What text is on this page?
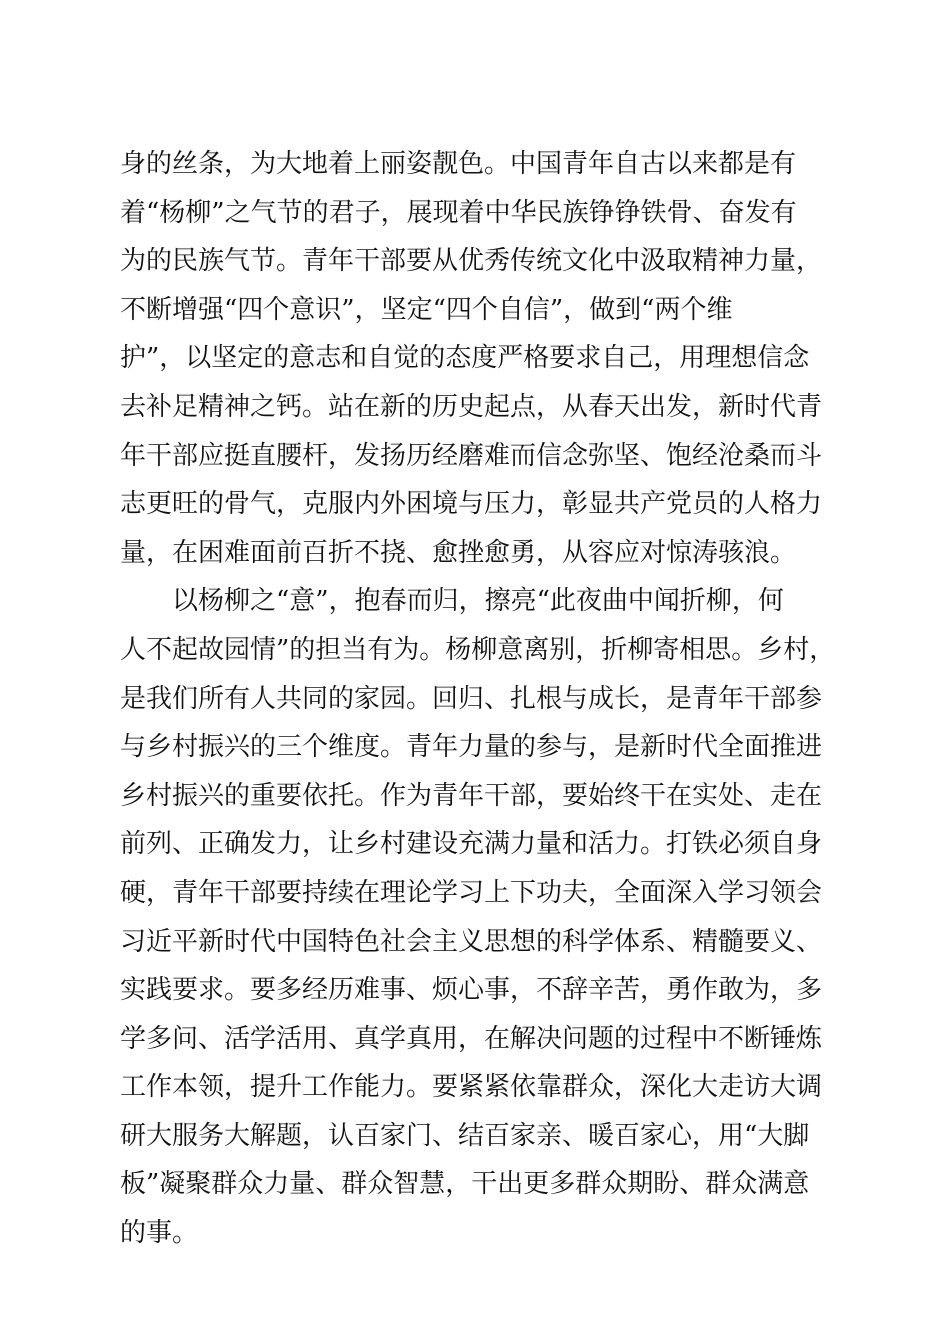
身的丝条，为大地着上丽姿靓色。中国青年自古以来都是有
着“杨柳”之气节的君子，展现着中华民族铮铮铁骨、奋发有
为的民族气节。青年干部要从优秀传统文化中汲取精神力量，
不断增强“四个意识”，坚定“四个自信”，做到“两个维
护”，以坚定的意志和自觉的态度严格要求自己，用理想信念
去补足精神之钙。站在新的历史起点，从春天出发，新时代青
年干部应挺直腰杆，发扬历经磨难而信念弥坚、饱经沧桑而斗
志更旺的骨气，克服内外困境与压力，彰显共产党员的人格力
量，在困难面前百折不挠、愈挫愈勇，从容应对惊涛骇浪。
以杨柳之“意”，抱春而归，擦亮“此夜曲中闻折柳，何
人不起故园情”的担当有为。杨柳意离别，折柳寄相思。乡村，
是我们所有人共同的家园。回归、扎根与成长，是青年干部参
与乡村振兴的三个维度。青年力量的参与，是新时代全面推进
乡村振兴的重要依托。作为青年干部，要始终干在实处、走在
前列、正确发力，让乡村建设充满力量和活力。打铁必须自身
硬，青年干部要持续在理论学习上下功夫，全面深入学习领会
习近平新时代中国特色社会主义思想的科学体系、精髓要义、
实践要求。要多经历难事、烦心事，不辞辛苦，勇作敢为，多
学多问、活学活用、真学真用，在解决问题的过程中不断锤炼
工作本领，提升工作能力。要紧紧依靠群众，深化大走访大调
研大服务大解题，认百家门、结百家亲、暖百家心，用“大脚
板”凝聚群众力量、群众智慧，干出更多群众期盼、群众满意
的事。
